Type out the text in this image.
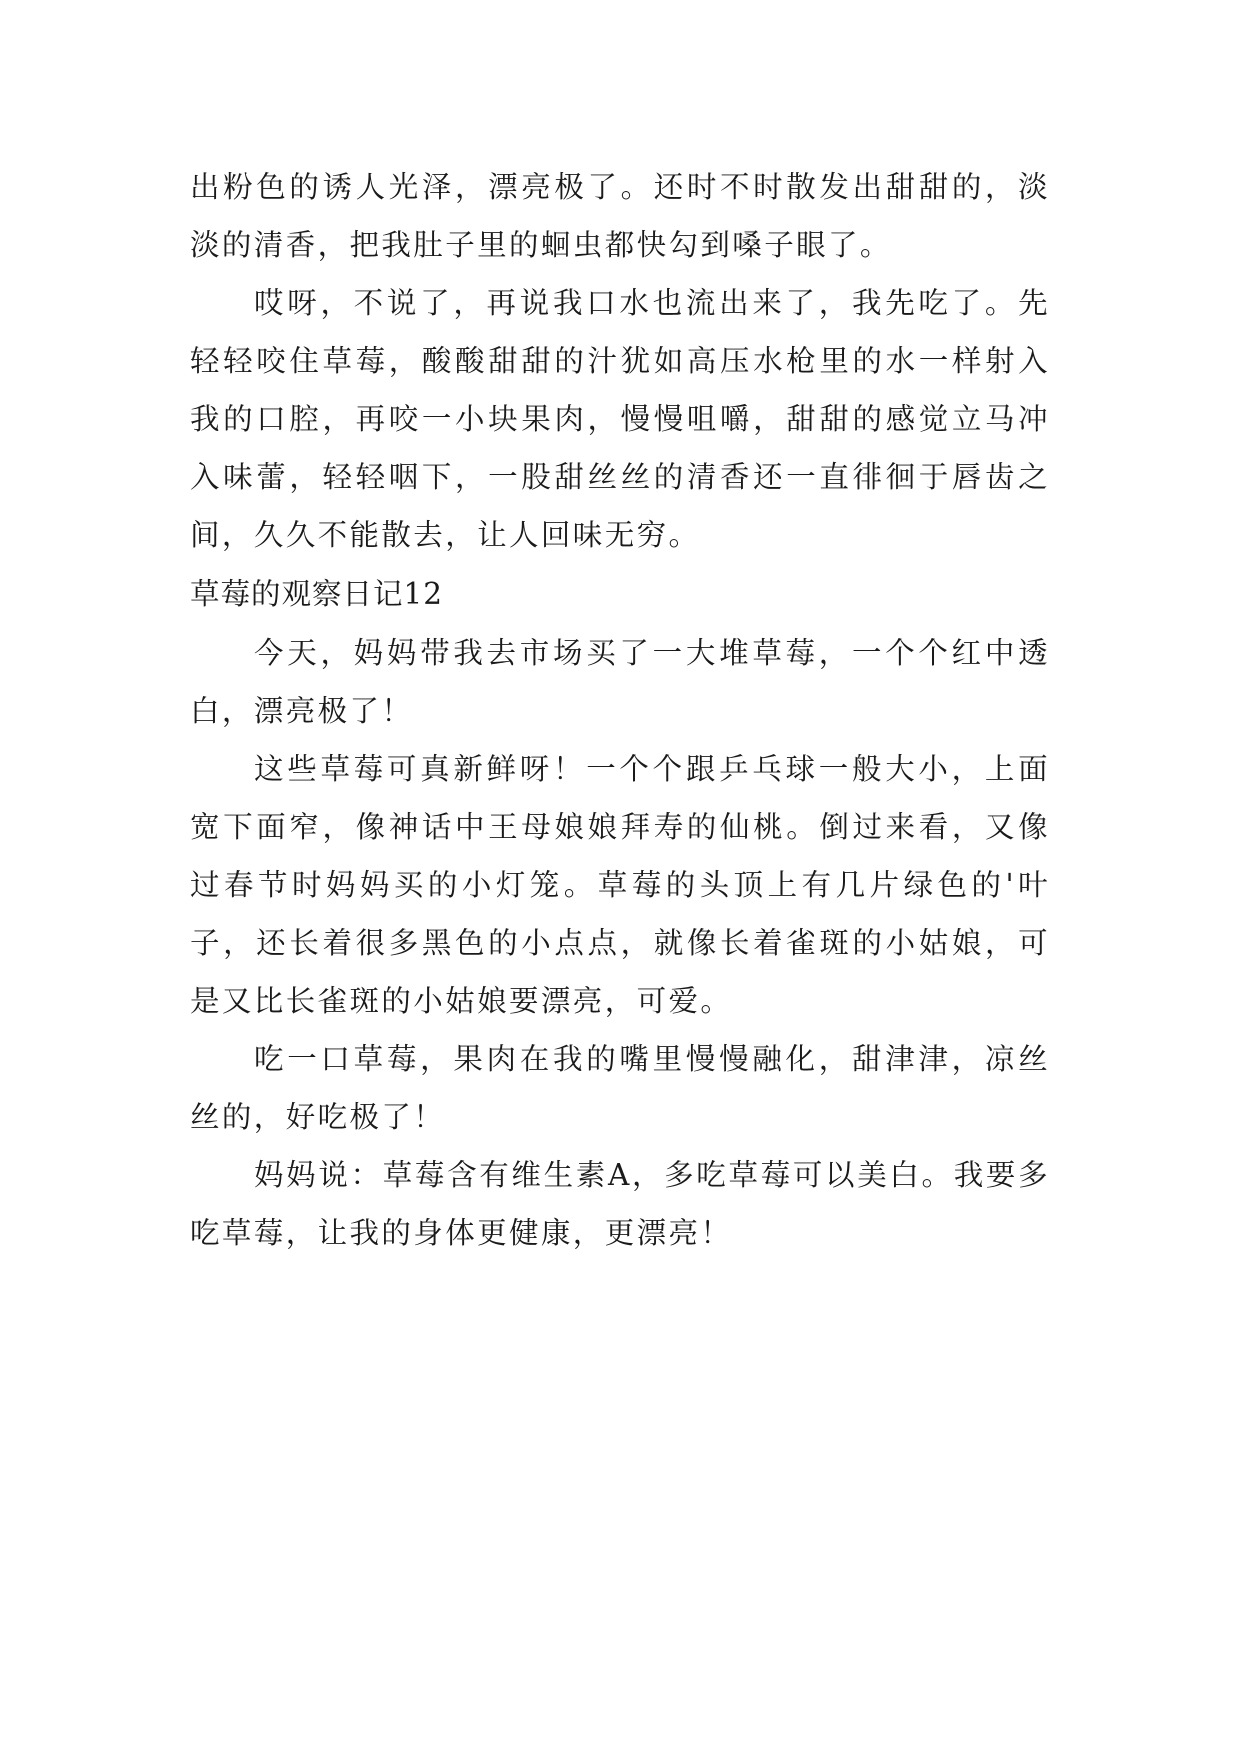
出粉色的诱人光泽，漂亮极了。还时不时散发出甜甜的，淡淡的清香，把我肚子里的蛔虫都快勾到嗓子眼了。

哎呀，不说了，再说我口水也流出来了，我先吃了。先轻轻咬住草莓，酸酸甜甜的汁犹如高压水枪里的水一样射入我的口腔，再咬一小块果肉，慢慢咀嚼，甜甜的感觉立马冲入味蕾，轻轻咽下，一股甜丝丝的清香还一直徘徊于唇齿之间，久久不能散去，让人回味无穷。

草莓的观察日记12

今天，妈妈带我去市场买了一大堆草莓，一个个红中透白，漂亮极了！

这些草莓可真新鲜呀！一个个跟乒乓球一般大小，上面宽下面窄，像神话中王母娘娘拜寿的仙桃。倒过来看，又像过春节时妈妈买的小灯笼。草莓的头顶上有几片绿色的'叶子，还长着很多黑色的小点点，就像长着雀斑的小姑娘，可是又比长雀斑的小姑娘要漂亮，可爱。

吃一口草莓，果肉在我的嘴里慢慢融化，甜津津，凉丝丝的，好吃极了！

妈妈说：草莓含有维生素A，多吃草莓可以美白。我要多吃草莓，让我的身体更健康，更漂亮！
